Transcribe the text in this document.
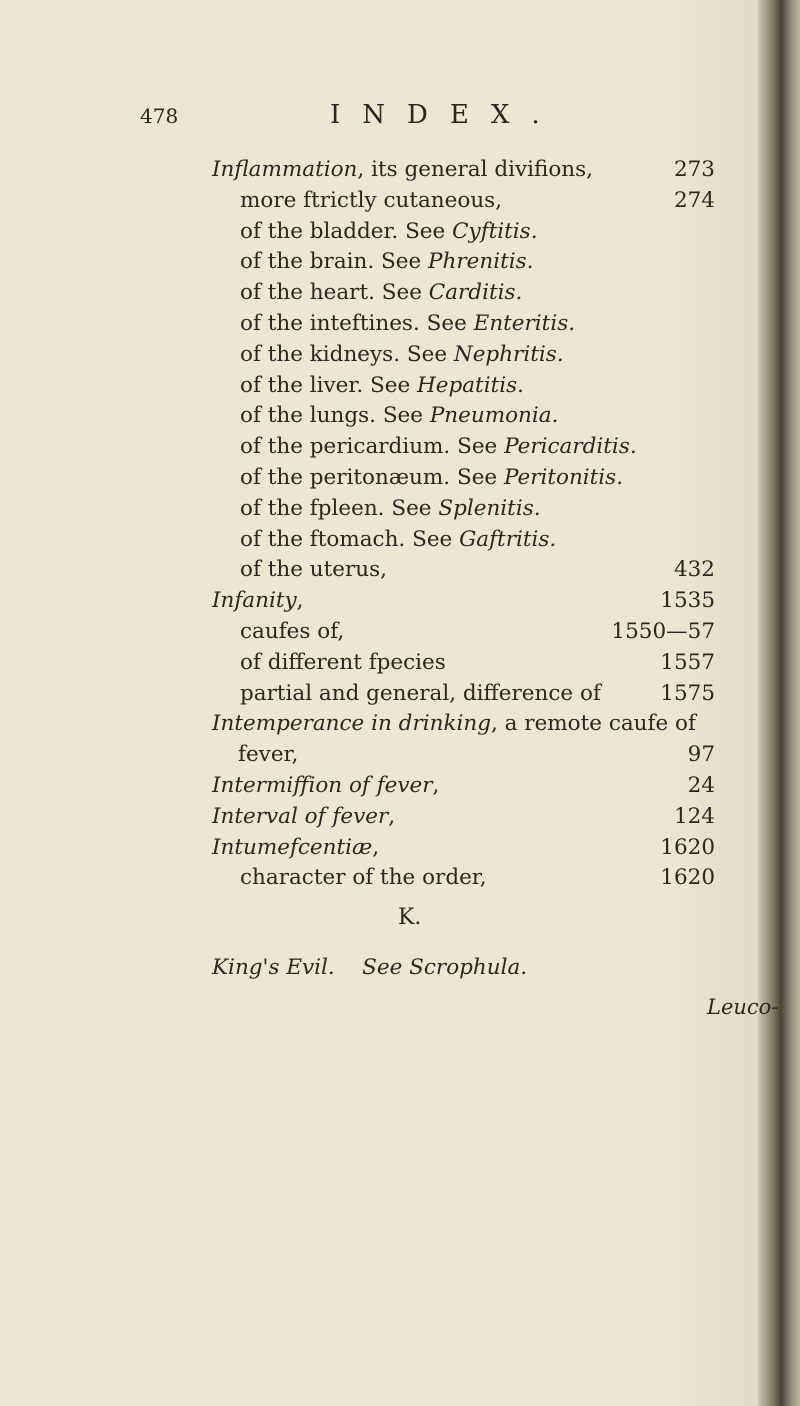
478	INDEX.
Inflammation, its general divifions,	273
more ftrictly cutaneous,	274
of the bladder. See Cyftitis.
of the brain. See Phrenitis.
of the heart. See Carditis.
of the inteftines. See Enteritis.
of the kidneys. See Nephritis.
of the liver. See Hepatitis.
of the lungs. See Pneumonia.
of the pericardium. See Pericarditis.
of the peritonæum. See Peritonitis.
of the fpleen. See Splenitis.
of the ftomach. See Gaftritis.
of the uterus,	432
Infanity,	1535
caufes of,	1550—57
of different fpecies	1557
partial and general, difference of	1575
Intemperance in drinking, a remote caufe of
fever,	97
Intermiffion of fever,	24
Interval of fever,	124
Intumefcentiæ,	1620
character of the order,	1620
K.
King's Evil. See Scrophula.
Leuco-
